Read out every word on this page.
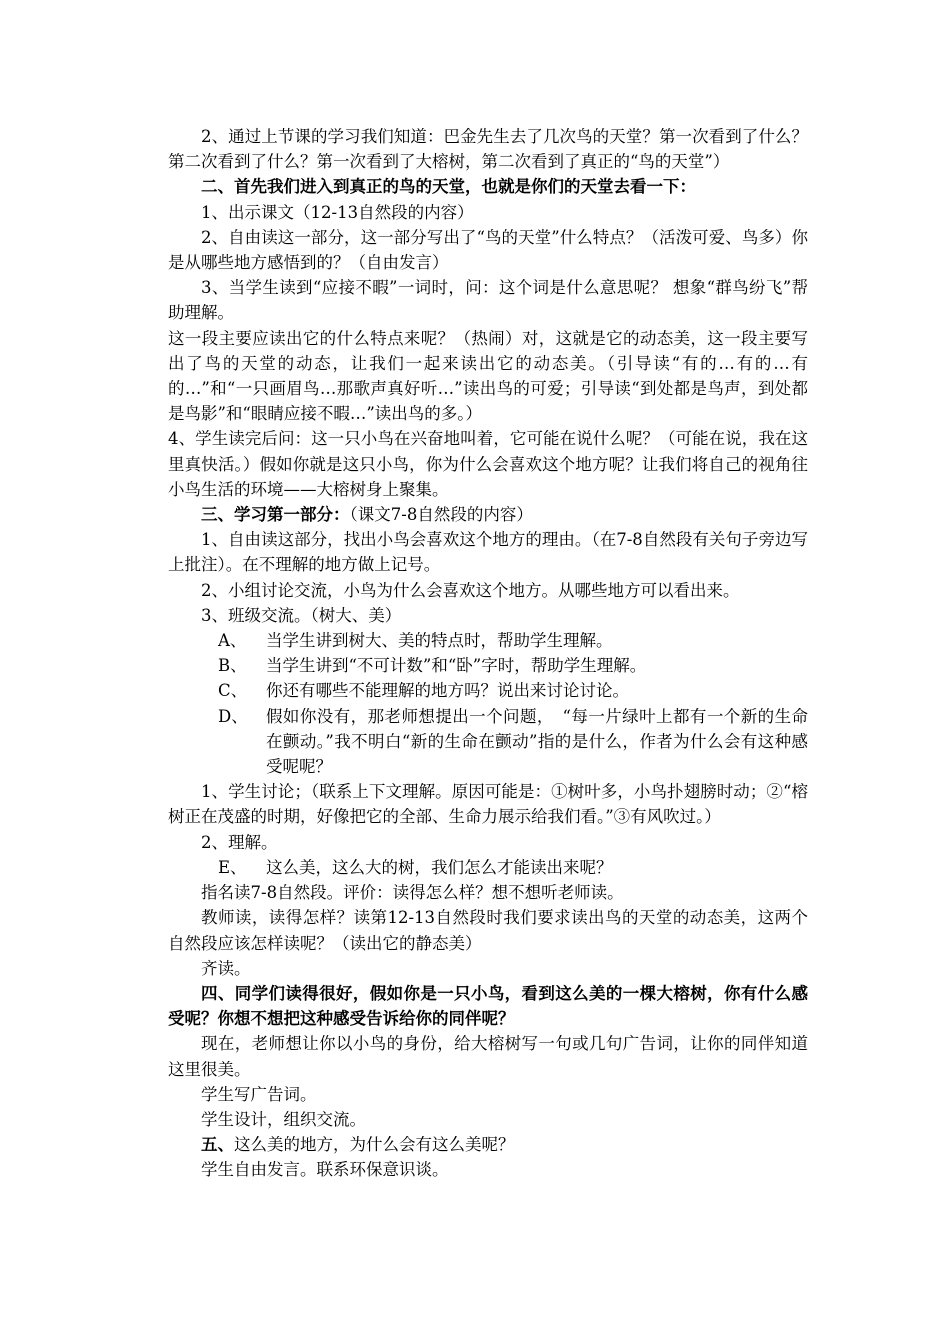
2、通过上节课的学习我们知道：巴金先生去了几次鸟的天堂？第一次看到了什么？　　第二次看到了什么？第一次看到了大榕树，第二次看到了真正的“鸟的天堂”）

二、首先我们进入到真正的鸟的天堂，也就是你们的天堂去看一下：

1、出示课文（12-13自然段的内容）

2、自由读这一部分，这一部分写出了“鸟的天堂”什么特点？（活泼可爱、鸟多）你是从哪些地方感悟到的？（自由发言）

3、当学生读到“应接不暇”一词时，问：这个词是什么意思呢？ 想象“群鸟纷飞”帮助理解。

这一段主要应读出它的什么特点来呢？（热闹）对，这就是它的动态美，这一段主要写出了鸟的天堂的动态，让我们一起来读出它的动态美。（引导读“有的…有的…有的…”和“一只画眉鸟…那歌声真好听…”读出鸟的可爱；引导读“到处都是鸟声，到处都是鸟影”和“眼睛应接不暇…”读出鸟的多。）

4、学生读完后问：这一只小鸟在兴奋地叫着，它可能在说什么呢？（可能在说，我在这里真快活。）假如你就是这只小鸟，你为什么会喜欢这个地方呢？让我们将自己的视角往小鸟生活的环境——大榕树身上聚集。

三、学习第一部分：（课文7-8自然段的内容）

1、自由读这部分，找出小鸟会喜欢这个地方的理由。（在7-8自然段有关句子旁边写上批注）。在不理解的地方做上记号。

2、小组讨论交流，小鸟为什么会喜欢这个地方。从哪些地方可以看出来。

3、班级交流。（树大、美）

A、 当学生讲到树大、美的特点时，帮助学生理解。
B、 当学生讲到“不可计数”和“卧”字时，帮助学生理解。
C、 你还有哪些不能理解的地方吗？说出来讨论讨论。
D、 假如你没有，那老师想提出一个问题，　“每一片绿叶上都有一个新的生命在颤动。”我不明白“新的生命在颤动”指的是什么，作者为什么会有这种感受呢呢？

1、学生讨论；（联系上下文理解。原因可能是：①树叶多，小鸟扑翅膀时动；②“榕树正在茂盛的时期，好像把它的全部、生命力展示给我们看。”③有风吹过。）

2、理解。

E、 这么美，这么大的树，我们怎么才能读出来呢？

指名读7-8自然段。评价：读得怎么样？想不想听老师读。

教师读，读得怎样？读第12-13自然段时我们要求读出鸟的天堂的动态美，这两个自然段应该怎样读呢？（读出它的静态美）

齐读。

四、同学们读得很好，假如你是一只小鸟，看到这么美的一棵大榕树，你有什么感受呢？你想不想把这种感受告诉给你的同伴呢？

现在，老师想让你以小鸟的身份，给大榕树写一句或几句广告词，让你的同伴知道这里很美。

学生写广告词。

学生设计，组织交流。

五、这么美的地方，为什么会有这么美呢？

学生自由发言。联系环保意识谈。
